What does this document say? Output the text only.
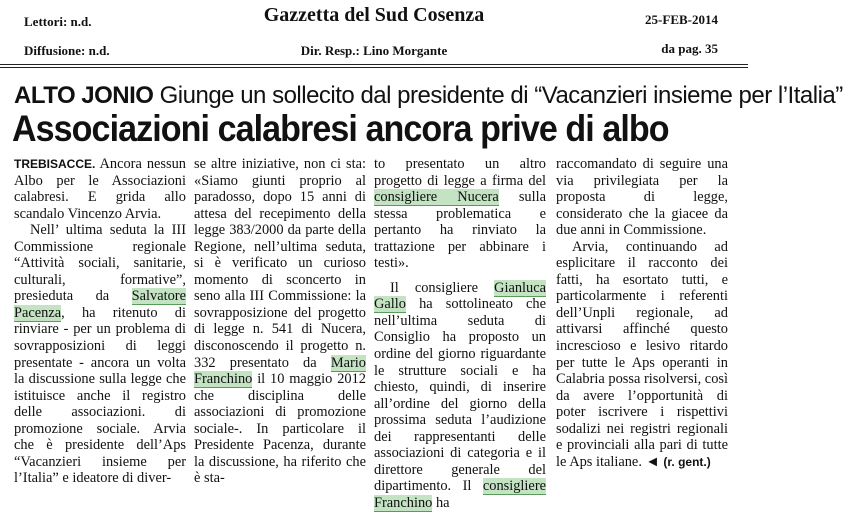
Lettori: n.d.	Gazzetta del Sud Cosenza	25-FEB-2014
Diffusione: n.d.	Dir. Resp.: Lino Morgante	da pag. 35
ALTO JONIO Giunge un sollecito dal presidente di “Vacanzieri insieme per l’Italia”
Associazioni calabresi ancora prive di albo

TREBISACCE. Ancora nessun Albo per le Associazioni calabresi. E grida allo scandalo Vincenzo Arvia.

Nell’ ultima seduta la III Commissione regionale “Attività sociali, sanitarie, culturali, formative”, presieduta da Salvatore Pacenza, ha ritenuto di rinviare - per un problema di sovrapposizioni di leggi presentate - ancora un volta la discussione sulla legge che istituisce anche il registro delle associazioni. di promozione sociale. Arvia che è presidente dell’Aps “Vacanzieri insieme per l’Italia” e ideatore di diver-

se altre iniziative, non ci sta: «Siamo giunti proprio al paradosso, dopo 15 anni di attesa del recepimento della legge 383/2000 da parte della Regione, nell’ultima seduta, si è verificato un curioso momento di sconcerto in seno alla III Commissione: la sovrapposizione del progetto di legge n. 541 di Nucera, disconoscendo il progetto n. 332 presentato da Mario Franchino il 10 maggio 2012 che disciplina delle associazioni di promozione sociale-. In particolare il Presidente Pacenza, durante la discussione, ha riferito che è sta-

to presentato un altro progetto di legge a firma del consigliere Nucera sulla stessa problematica e pertanto ha rinviato la trattazione per abbinare i testi».

Il consigliere Gianluca Gallo ha sottolineato che nell’ultima seduta di Consiglio ha proposto un ordine del giorno riguardante le strutture sociali e ha chiesto, quindi, di inserire all’ordine del giorno della prossima seduta l’audizione dei rappresentanti delle associazioni di categoria e il direttore generale del dipartimento. Il consigliere Franchino ha

raccomandato di seguire una via privilegiata per la proposta di legge, considerato che la giacee da due anni in Commissione.

Arvia, continuando ad esplicitare il racconto dei fatti, ha esortato tutti, e particolarmente i referenti dell’Unpli regionale, ad attivarsi affinché questo increscioso e lesivo ritardo per tutte le Aps operanti in Calabria possa risolversi, così da avere l’opportunità di poter iscrivere i rispettivi sodalizi nei registri regionali e provinciali alla pari di tutte le Aps italiane. ◄ (r. gent.)
